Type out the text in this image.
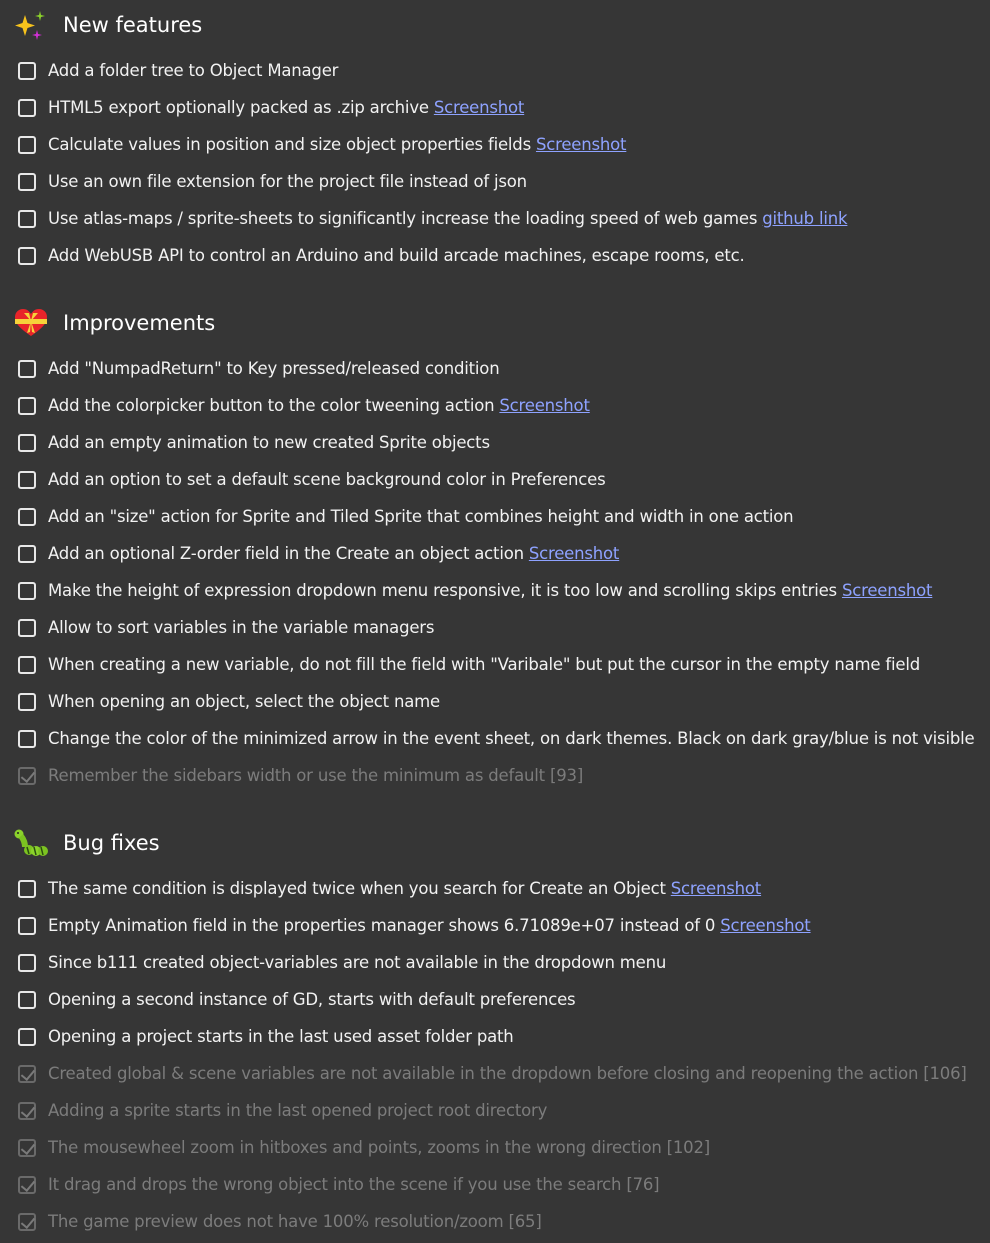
New features
Add a folder tree to Object Manager
HTML5 export optionally packed as .zip archive Screenshot
Calculate values in position and size object properties fields Screenshot
Use an own file extension for the project file instead of json
Use atlas-maps / sprite-sheets to significantly increase the loading speed of web games github link
Add WebUSB API to control an Arduino and build arcade machines, escape rooms, etc.
Improvements
Add "NumpadReturn" to Key pressed/released condition
Add the colorpicker button to the color tweening action Screenshot
Add an empty animation to new created Sprite objects
Add an option to set a default scene background color in Preferences
Add an "size" action for Sprite and Tiled Sprite that combines height and width in one action
Add an optional Z-order field in the Create an object action Screenshot
Make the height of expression dropdown menu responsive, it is too low and scrolling skips entries Screenshot
Allow to sort variables in the variable managers
When creating a new variable, do not fill the field with "Varibale" but put the cursor in the empty name field
When opening an object, select the object name
Change the color of the minimized arrow in the event sheet, on dark themes. Black on dark gray/blue is not visible
Remember the sidebars width or use the minimum as default [93]
Bug fixes
The same condition is displayed twice when you search for Create an Object Screenshot
Empty Animation field in the properties manager shows 6.71089e+07 instead of 0 Screenshot
Since b111 created object-variables are not available in the dropdown menu
Opening a second instance of GD, starts with default preferences
Opening a project starts in the last used asset folder path
Created global & scene variables are not available in the dropdown before closing and reopening the action [106]
Adding a sprite starts in the last opened project root directory
The mousewheel zoom in hitboxes and points, zooms in the wrong direction [102]
It drag and drops the wrong object into the scene if you use the search [76]
The game preview does not have 100% resolution/zoom [65]
